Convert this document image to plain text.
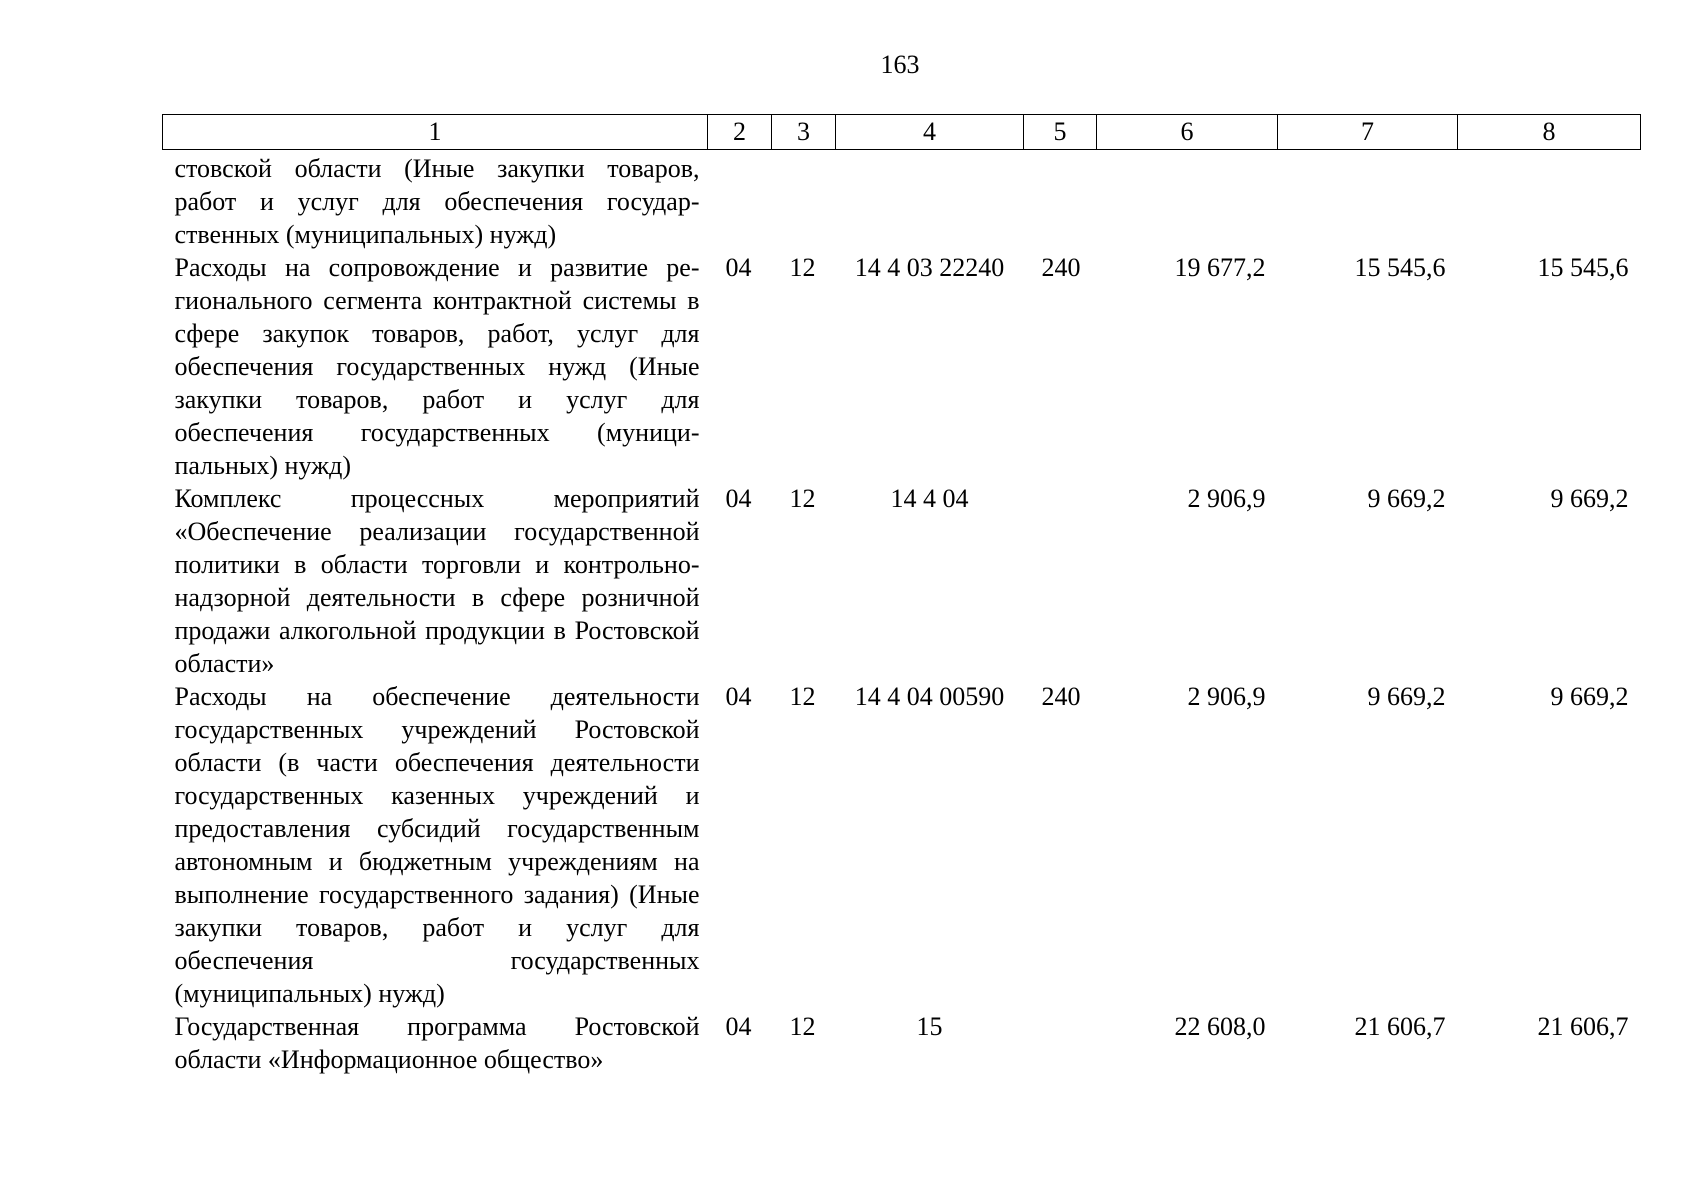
163
1	2	3	4	5	6	7	8

стовской области (Иные закупки товаров, работ и услуг для обеспечения государственных (муниципальных) нужд)							
Расходы на сопровождение и развитие регионального сегмента контрактной системы в сфере закупок товаров, работ, услуг для обеспечения государственных нужд (Иные закупки товаров, работ и услуг для обеспечения государственных (муниципальных) нужд)	04	12	14 4 03 22240	240	19 677,2	15 545,6	15 545,6
Комплекс процессных мероприятий «Обеспечение реализации государственной политики в области торговли и контрольно-надзорной деятельности в сфере розничной продажи алкогольной продукции в Ростовской области»	04	12	14 4 04		2 906,9	9 669,2	9 669,2
Расходы на обеспечение деятельности государственных учреждений Ростовской области (в части обеспечения деятельности государственных казенных учреждений и предоставления субсидий государственным автономным и бюджетным учреждениям на выполнение государственного задания) (Иные закупки товаров, работ и услуг для обеспечения государственных (муниципальных) нужд)	04	12	14 4 04 00590	240	2 906,9	9 669,2	9 669,2
Государственная программа Ростовской области «Информационное общество»	04	12	15		22 608,0	21 606,7	21 606,7
